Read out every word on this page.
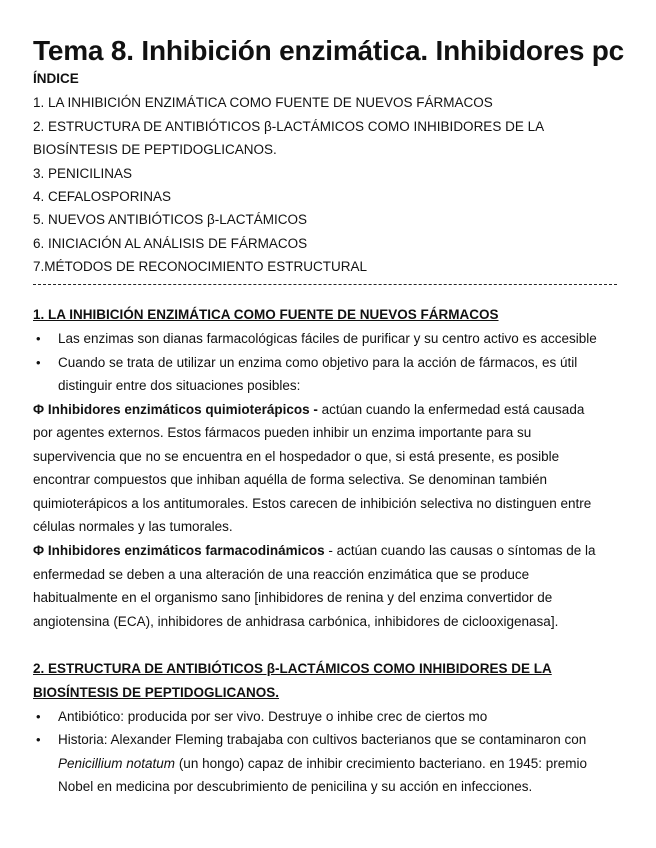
Tema 8. Inhibición enzimática. Inhibidores pc
ÍNDICE
1. LA INHIBICIÓN ENZIMÁTICA COMO FUENTE DE NUEVOS FÁRMACOS
2. ESTRUCTURA DE ANTIBIÓTICOS β-LACTÁMICOS COMO INHIBIDORES DE LA
BIOSÍNTESIS DE PEPTIDOGLICANOS.
3. PENICILINAS
4. CEFALOSPORINAS
5. NUEVOS ANTIBIÓTICOS β-LACTÁMICOS
6. INICIACIÓN AL ANÁLISIS DE FÁRMACOS
7.MÉTODOS DE RECONOCIMIENTO ESTRUCTURAL
1. LA INHIBICIÓN ENZIMÁTICA COMO FUENTE DE NUEVOS FÁRMACOS
• Las enzimas son dianas farmacológicas fáciles de purificar y su centro activo es accesible
• Cuando se trata de utilizar un enzima como objetivo para la acción de fármacos, es útil
distinguir entre dos situaciones posibles:
Φ Inhibidores enzimáticos quimioterápicos - actúan cuando la enfermedad está causada
por agentes externos. Estos fármacos pueden inhibir un enzima importante para su
supervivencia que no se encuentra en el hospedador o que, si está presente, es posible
encontrar compuestos que inhiban aquélla de forma selectiva. Se denominan también
quimioterápicos a los antitumorales. Estos carecen de inhibición selectiva no distinguen entre
células normales y las tumorales.
Φ Inhibidores enzimáticos farmacodinámicos - actúan cuando las causas o síntomas de la
enfermedad se deben a una alteración de una reacción enzimática que se produce
habitualmente en el organismo sano [inhibidores de renina y del enzima convertidor de
angiotensina (ECA), inhibidores de anhidrasa carbónica, inhibidores de ciclooxigenasa].
2. ESTRUCTURA DE ANTIBIÓTICOS β-LACTÁMICOS COMO INHIBIDORES DE LA
BIOSÍNTESIS DE PEPTIDOGLICANOS.
• Antibiótico: producida por ser vivo. Destruye o inhibe crec de ciertos mo
• Historia: Alexander Fleming trabajaba con cultivos bacterianos que se contaminaron con
Penicillium notatum (un hongo) capaz de inhibir crecimiento bacteriano. en 1945: premio
Nobel en medicina por descubrimiento de penicilina y su acción en infecciones.
